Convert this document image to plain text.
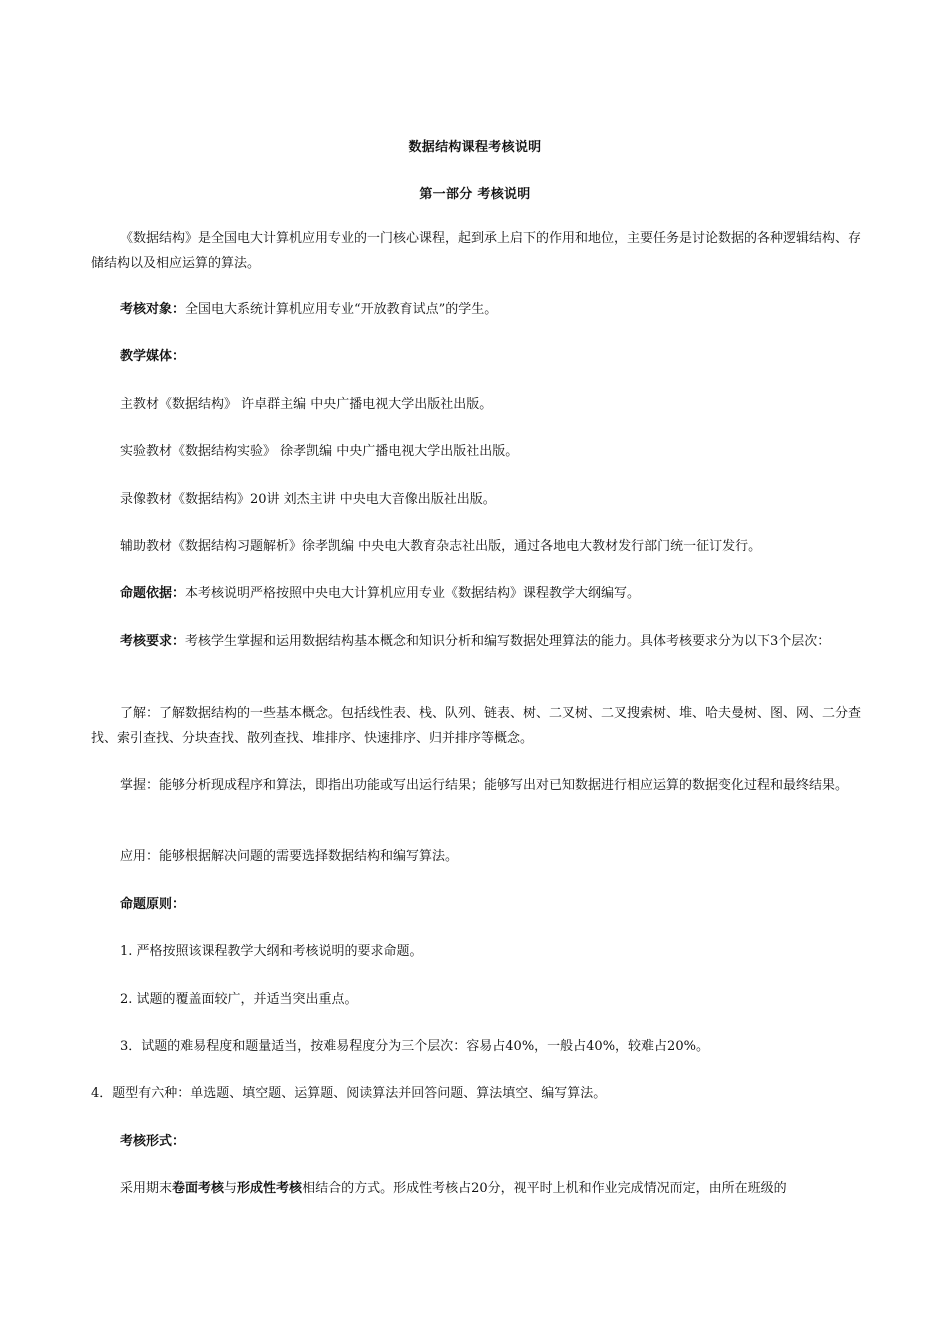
数据结构课程考核说明
第一部分 考核说明
《数据结构》是全国电大计算机应用专业的一门核心课程，起到承上启下的作用和地位，主要任务是讨论数据的各种逻辑结构、存储结构以及相应运算的算法。
考核对象：全国电大系统计算机应用专业“开放教育试点”的学生。
教学媒体：
主教材《数据结构》 许卓群主编 中央广播电视大学出版社出版。
实验教材《数据结构实验》 徐孝凯编 中央广播电视大学出版社出版。
录像教材《数据结构》20讲 刘杰主讲 中央电大音像出版社出版。
辅助教材《数据结构习题解析》徐孝凯编 中央电大教育杂志社出版，通过各地电大教材发行部门统一征订发行。
命题依据：本考核说明严格按照中央电大计算机应用专业《数据结构》课程教学大纲编写。
考核要求：考核学生掌握和运用数据结构基本概念和知识分析和编写数据处理算法的能力。具体考核要求分为以下3个层次：
了解：了解数据结构的一些基本概念。包括线性表、栈、队列、链表、树、二叉树、二叉搜索树、堆、哈夫曼树、图、网、二分查找、索引查找、分块查找、散列查找、堆排序、快速排序、归并排序等概念。
掌握：能够分析现成程序和算法，即指出功能或写出运行结果；能够写出对已知数据进行相应运算的数据变化过程和最终结果。
应用：能够根据解决问题的需要选择数据结构和编写算法。
命题原则：
1. 严格按照该课程教学大纲和考核说明的要求命题。
2. 试题的覆盖面较广，并适当突出重点。
3．试题的难易程度和题量适当，按难易程度分为三个层次：容易占40%，一般占40%，较难占20%。
4．题型有六种：单选题、填空题、运算题、阅读算法并回答问题、算法填空、编写算法。
考核形式：
采用期末卷面考核与形成性考核相结合的方式。形成性考核占20分，视平时上机和作业完成情况而定，由所在班级的
